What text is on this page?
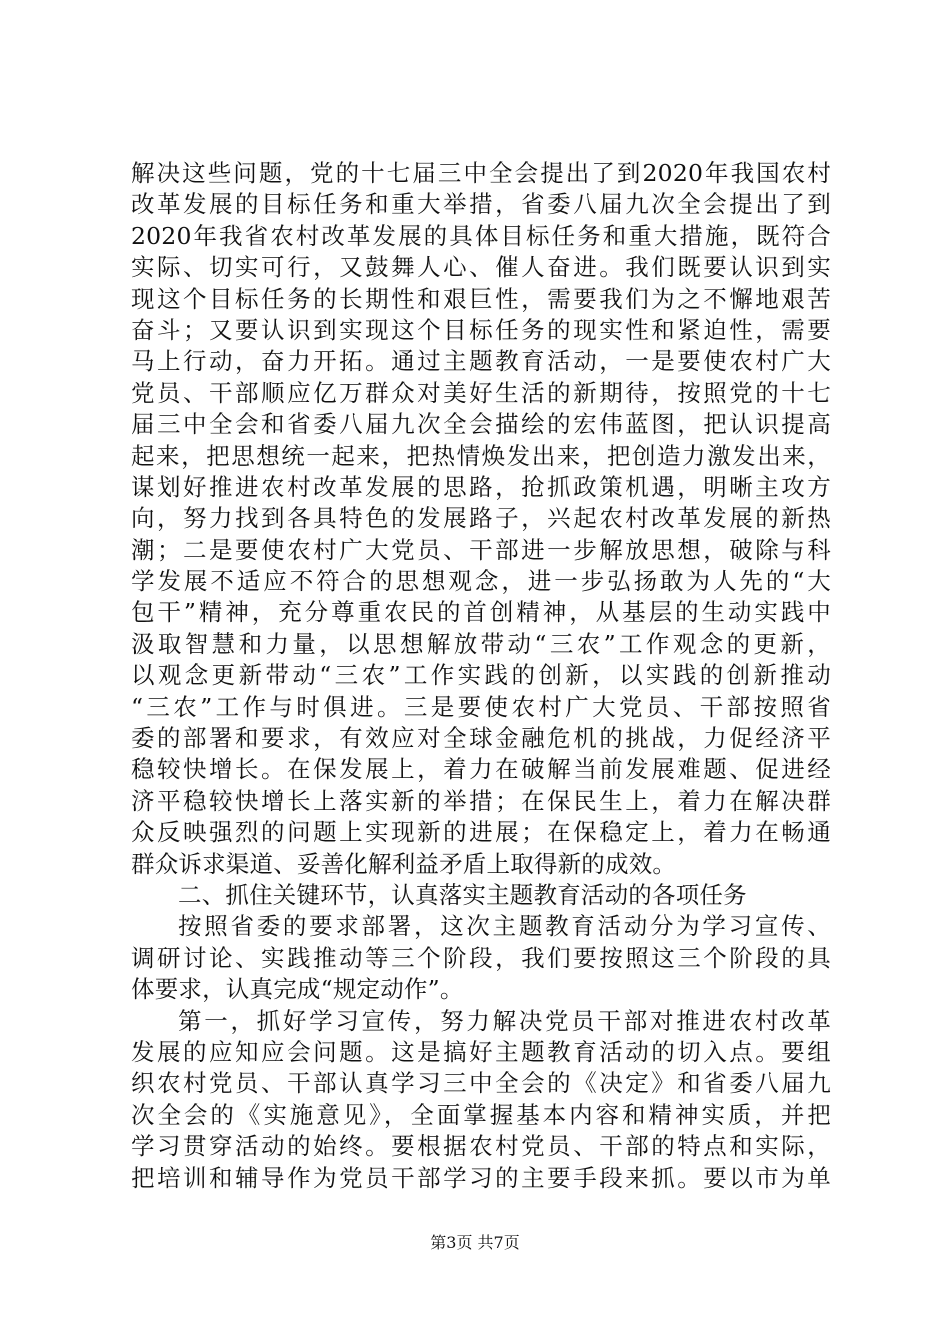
解决这些问题，党的十七届三中全会提出了到2020年我国农村
改革发展的目标任务和重大举措，省委八届九次全会提出了到
2020年我省农村改革发展的具体目标任务和重大措施，既符合
实际、切实可行，又鼓舞人心、催人奋进。我们既要认识到实
现这个目标任务的长期性和艰巨性，需要我们为之不懈地艰苦
奋斗；又要认识到实现这个目标任务的现实性和紧迫性，需要
马上行动，奋力开拓。通过主题教育活动，一是要使农村广大
党员、干部顺应亿万群众对美好生活的新期待，按照党的十七
届三中全会和省委八届九次全会描绘的宏伟蓝图，把认识提高
起来，把思想统一起来，把热情焕发出来，把创造力激发出来，
谋划好推进农村改革发展的思路，抢抓政策机遇，明晰主攻方
向，努力找到各具特色的发展路子，兴起农村改革发展的新热
潮；二是要使农村广大党员、干部进一步解放思想，破除与科
学发展不适应不符合的思想观念，进一步弘扬敢为人先的“大
包干”精神，充分尊重农民的首创精神，从基层的生动实践中
汲取智慧和力量，以思想解放带动“三农”工作观念的更新，
以观念更新带动“三农”工作实践的创新，以实践的创新推动
“三农”工作与时俱进。三是要使农村广大党员、干部按照省
委的部署和要求，有效应对全球金融危机的挑战，力促经济平
稳较快增长。在保发展上，着力在破解当前发展难题、促进经
济平稳较快增长上落实新的举措；在保民生上，着力在解决群
众反映强烈的问题上实现新的进展；在保稳定上，着力在畅通
群众诉求渠道、妥善化解利益矛盾上取得新的成效。
二、抓住关键环节，认真落实主题教育活动的各项任务
按照省委的要求部署，这次主题教育活动分为学习宣传、
调研讨论、实践推动等三个阶段，我们要按照这三个阶段的具
体要求，认真完成“规定动作”。
第一，抓好学习宣传，努力解决党员干部对推进农村改革
发展的应知应会问题。这是搞好主题教育活动的切入点。要组
织农村党员、干部认真学习三中全会的《决定》和省委八届九
次全会的《实施意见》，全面掌握基本内容和精神实质，并把
学习贯穿活动的始终。要根据农村党员、干部的特点和实际，
把培训和辅导作为党员干部学习的主要手段来抓。要以市为单
第3页 共7页
